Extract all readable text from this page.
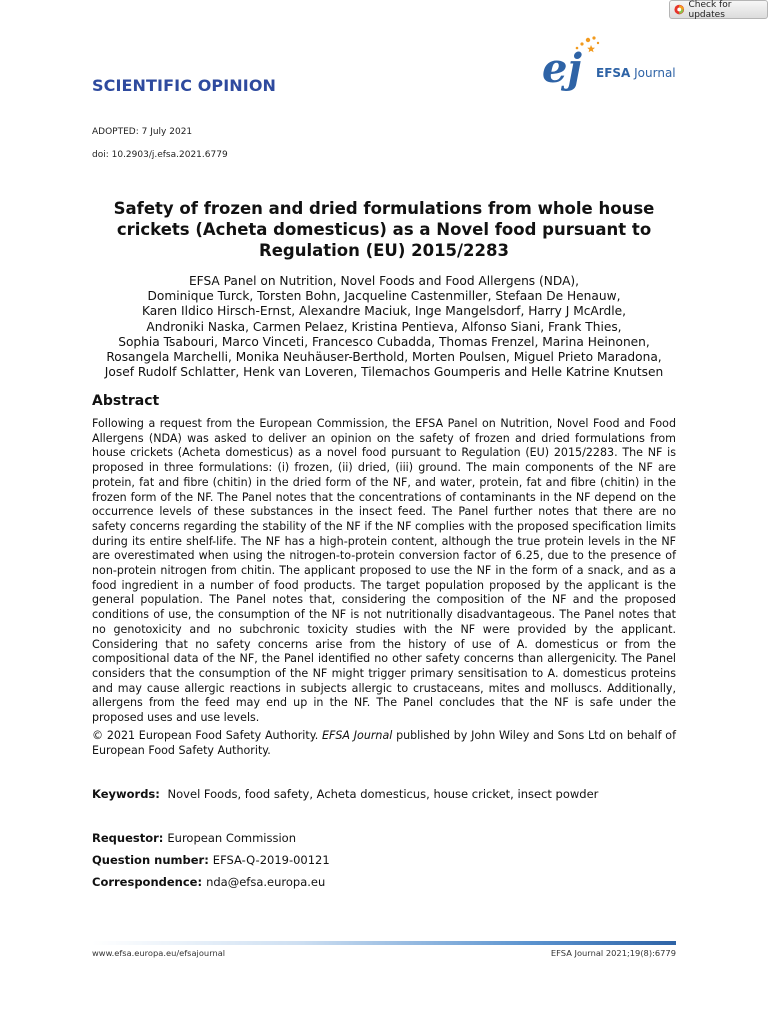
Check for updates
SCIENTIFIC OPINION	ej EFSA Journal
ADOPTED: 7 July 2021
doi: 10.2903/j.efsa.2021.6779
Safety of frozen and dried formulations from whole house crickets (Acheta domesticus) as a Novel food pursuant to Regulation (EU) 2015/2283
EFSA Panel on Nutrition, Novel Foods and Food Allergens (NDA),
Dominique Turck, Torsten Bohn, Jacqueline Castenmiller, Stefaan De Henauw,
Karen Ildico Hirsch-Ernst, Alexandre Maciuk, Inge Mangelsdorf, Harry J McArdle,
Androniki Naska, Carmen Pelaez, Kristina Pentieva, Alfonso Siani, Frank Thies,
Sophia Tsabouri, Marco Vinceti, Francesco Cubadda, Thomas Frenzel, Marina Heinonen,
Rosangela Marchelli, Monika Neuhäuser-Berthold, Morten Poulsen, Miguel Prieto Maradona,
Josef Rudolf Schlatter, Henk van Loveren, Tilemachos Goumperis and Helle Katrine Knutsen
Abstract
Following a request from the European Commission, the EFSA Panel on Nutrition, Novel Food and Food Allergens (NDA) was asked to deliver an opinion on the safety of frozen and dried formulations from house crickets (Acheta domesticus) as a novel food pursuant to Regulation (EU) 2015/2283. The NF is proposed in three formulations: (i) frozen, (ii) dried, (iii) ground. The main components of the NF are protein, fat and fibre (chitin) in the dried form of the NF, and water, protein, fat and fibre (chitin) in the frozen form of the NF. The Panel notes that the concentrations of contaminants in the NF depend on the occurrence levels of these substances in the insect feed. The Panel further notes that there are no safety concerns regarding the stability of the NF if the NF complies with the proposed specification limits during its entire shelf-life. The NF has a high-protein content, although the true protein levels in the NF are overestimated when using the nitrogen-to-protein conversion factor of 6.25, due to the presence of non-protein nitrogen from chitin. The applicant proposed to use the NF in the form of a snack, and as a food ingredient in a number of food products. The target population proposed by the applicant is the general population. The Panel notes that, considering the composition of the NF and the proposed conditions of use, the consumption of the NF is not nutritionally disadvantageous. The Panel notes that no genotoxicity and no subchronic toxicity studies with the NF were provided by the applicant. Considering that no safety concerns arise from the history of use of A. domesticus or from the compositional data of the NF, the Panel identified no other safety concerns than allergenicity. The Panel considers that the consumption of the NF might trigger primary sensitisation to A. domesticus proteins and may cause allergic reactions in subjects allergic to crustaceans, mites and molluscs. Additionally, allergens from the feed may end up in the NF. The Panel concludes that the NF is safe under the proposed uses and use levels.
© 2021 European Food Safety Authority. EFSA Journal published by John Wiley and Sons Ltd on behalf of European Food Safety Authority.
Keywords: Novel Foods, food safety, Acheta domesticus, house cricket, insect powder
Requestor: European Commission
Question number: EFSA-Q-2019-00121
Correspondence: nda@efsa.europa.eu
www.efsa.europa.eu/efsajournal	EFSA Journal 2021;19(8):6779
